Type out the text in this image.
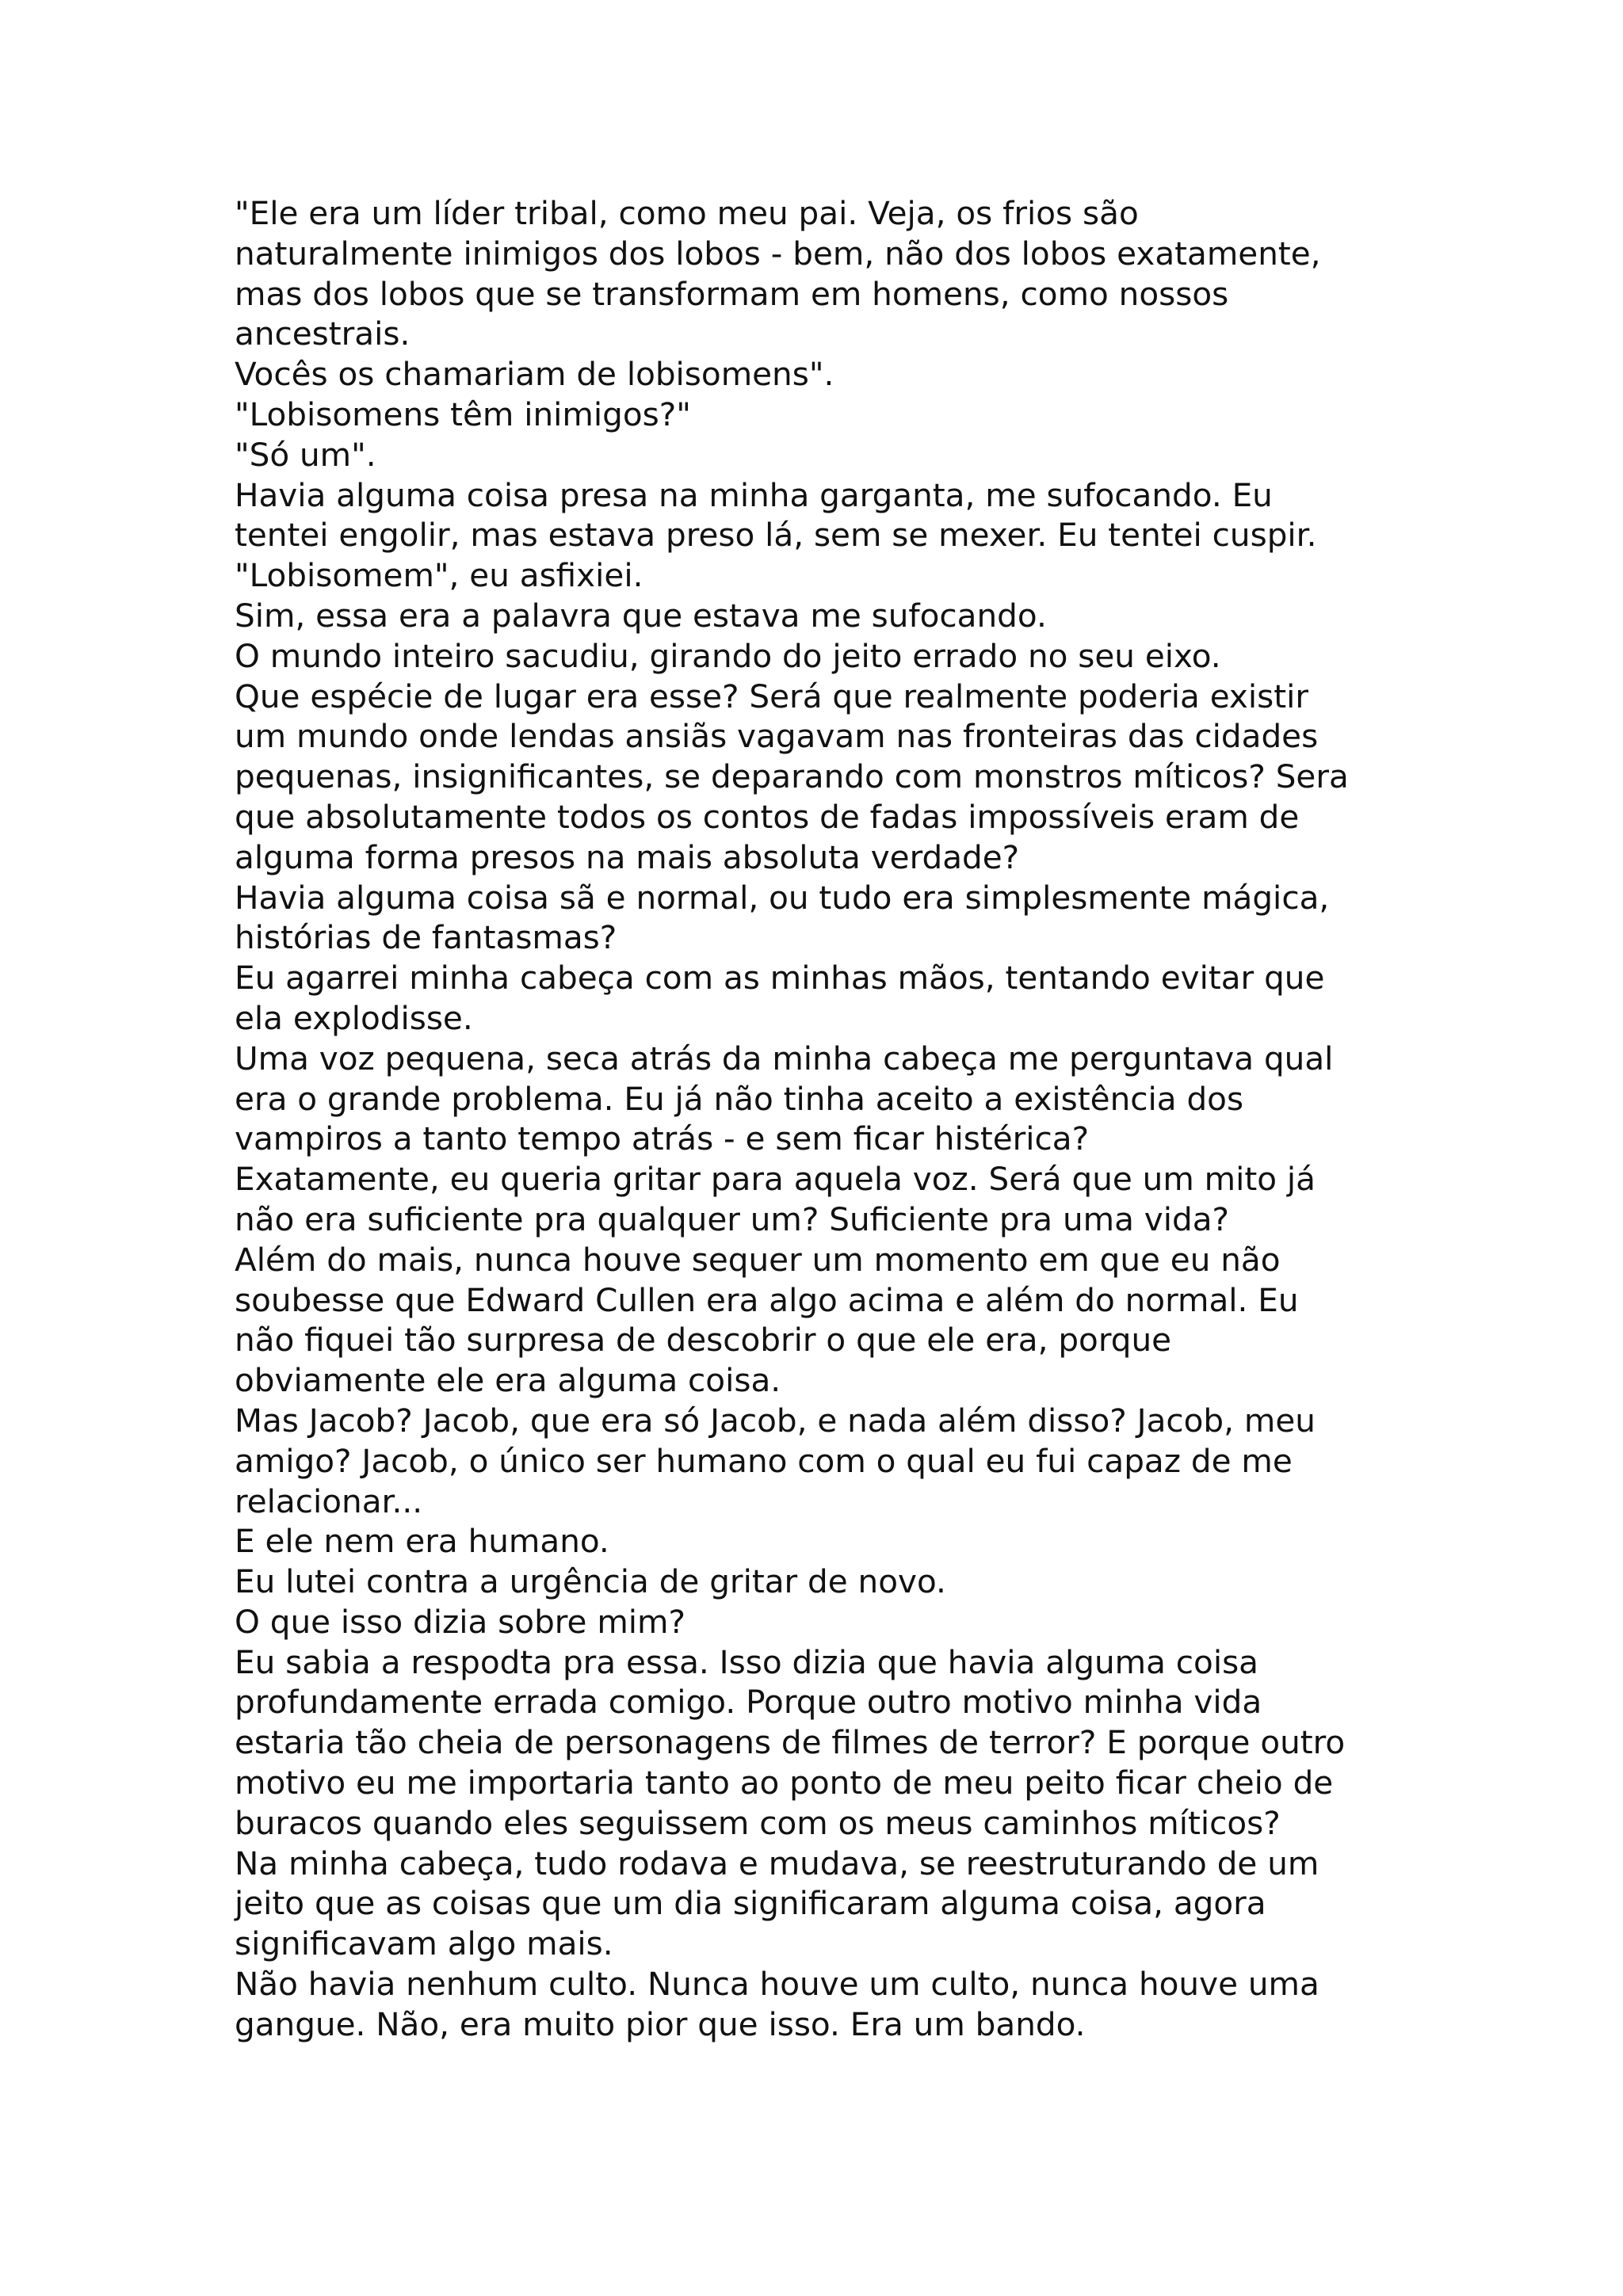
"Ele era um líder tribal, como meu pai. Veja, os frios são
naturalmente inimigos dos lobos - bem, não dos lobos exatamente,
mas dos lobos que se transformam em homens, como nossos
ancestrais.
Vocês os chamariam de lobisomens".
"Lobisomens têm inimigos?"
"Só um".
Havia alguma coisa presa na minha garganta, me sufocando. Eu
tentei engolir, mas estava preso lá, sem se mexer. Eu tentei cuspir.
"Lobisomem", eu asfixiei.
Sim, essa era a palavra que estava me sufocando.
O mundo inteiro sacudiu, girando do jeito errado no seu eixo.
Que espécie de lugar era esse? Será que realmente poderia existir
um mundo onde lendas ansiãs vagavam nas fronteiras das cidades
pequenas, insignificantes, se deparando com monstros míticos? Sera
que absolutamente todos os contos de fadas impossíveis eram de
alguma forma presos na mais absoluta verdade?
Havia alguma coisa sã e normal, ou tudo era simplesmente mágica,
histórias de fantasmas?
Eu agarrei minha cabeça com as minhas mãos, tentando evitar que
ela explodisse.
Uma voz pequena, seca atrás da minha cabeça me perguntava qual
era o grande problema. Eu já não tinha aceito a existência dos
vampiros a tanto tempo atrás - e sem ficar histérica?
Exatamente, eu queria gritar para aquela voz. Será que um mito já
não era suficiente pra qualquer um? Suficiente pra uma vida?
Além do mais, nunca houve sequer um momento em que eu não
soubesse que Edward Cullen era algo acima e além do normal. Eu
não fiquei tão surpresa de descobrir o que ele era, porque
obviamente ele era alguma coisa.
Mas Jacob? Jacob, que era só Jacob, e nada além disso? Jacob, meu
amigo? Jacob, o único ser humano com o qual eu fui capaz de me
relacionar...
E ele nem era humano.
Eu lutei contra a urgência de gritar de novo.
O que isso dizia sobre mim?
Eu sabia a respodta pra essa. Isso dizia que havia alguma coisa
profundamente errada comigo. Porque outro motivo minha vida
estaria tão cheia de personagens de filmes de terror? E porque outro
motivo eu me importaria tanto ao ponto de meu peito ficar cheio de
buracos quando eles seguissem com os meus caminhos míticos?
Na minha cabeça, tudo rodava e mudava, se reestruturando de um
jeito que as coisas que um dia significaram alguma coisa, agora
significavam algo mais.
Não havia nenhum culto. Nunca houve um culto, nunca houve uma
gangue. Não, era muito pior que isso. Era um bando.
